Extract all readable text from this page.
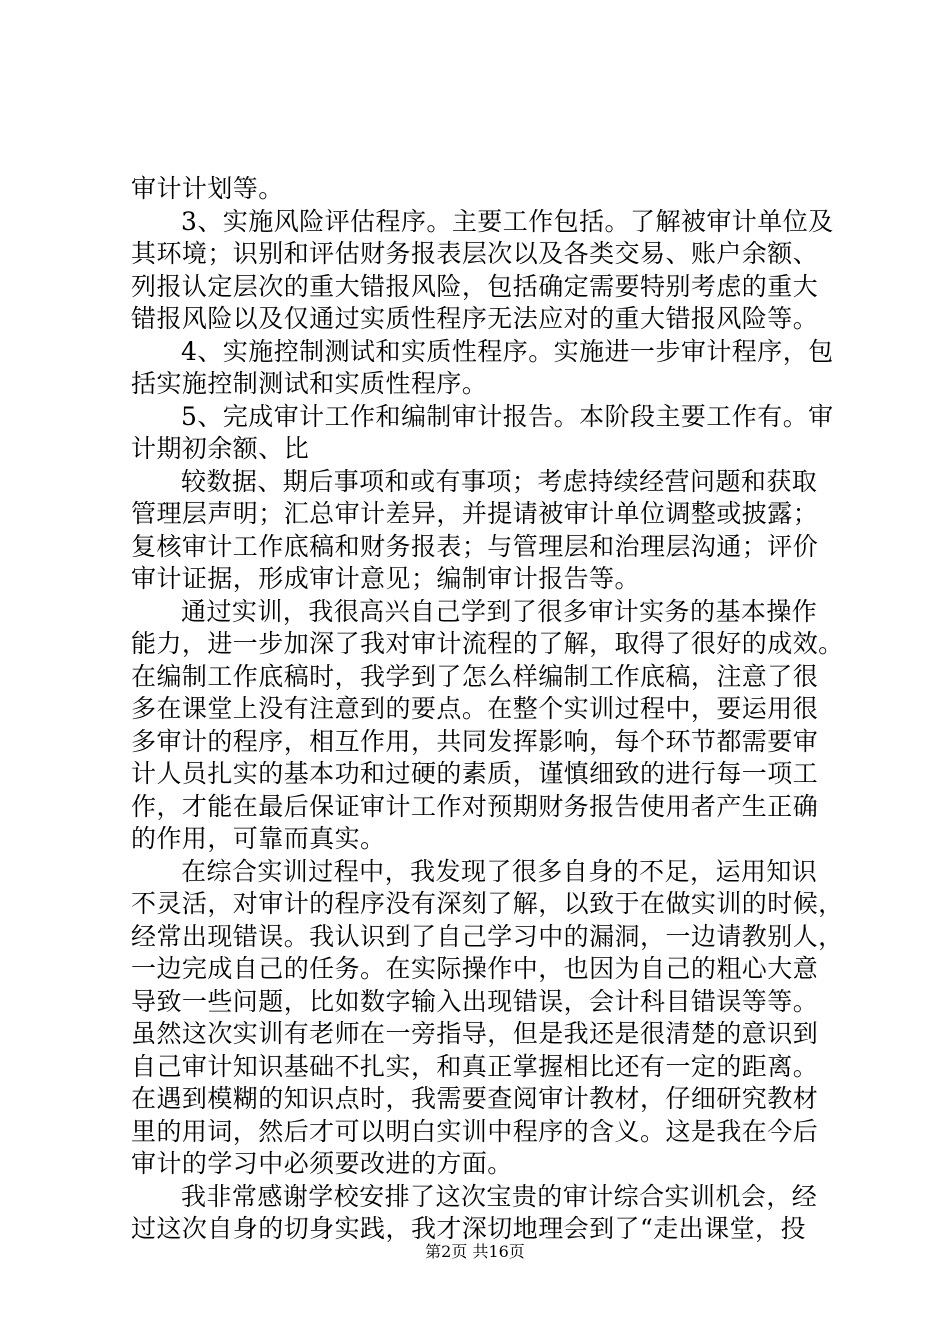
审计计划等。
3、实施风险评估程序。主要工作包括。了解被审计单位及
其环境；识别和评估财务报表层次以及各类交易、账户余额、
列报认定层次的重大错报风险，包括确定需要特别考虑的重大
错报风险以及仅通过实质性程序无法应对的重大错报风险等。
4、实施控制测试和实质性程序。实施进一步审计程序，包
括实施控制测试和实质性程序。
5、完成审计工作和编制审计报告。本阶段主要工作有。审
计期初余额、比
较数据、期后事项和或有事项；考虑持续经营问题和获取
管理层声明；汇总审计差异，并提请被审计单位调整或披露；
复核审计工作底稿和财务报表；与管理层和治理层沟通；评价
审计证据，形成审计意见；编制审计报告等。
通过实训，我很高兴自己学到了很多审计实务的基本操作
能力，进一步加深了我对审计流程的了解，取得了很好的成效。
在编制工作底稿时，我学到了怎么样编制工作底稿，注意了很
多在课堂上没有注意到的要点。在整个实训过程中，要运用很
多审计的程序，相互作用，共同发挥影响，每个环节都需要审
计人员扎实的基本功和过硬的素质，谨慎细致的进行每一项工
作，才能在最后保证审计工作对预期财务报告使用者产生正确
的作用，可靠而真实。
在综合实训过程中，我发现了很多自身的不足，运用知识
不灵活，对审计的程序没有深刻了解，以致于在做实训的时候，
经常出现错误。我认识到了自己学习中的漏洞，一边请教别人，
一边完成自己的任务。在实际操作中，也因为自己的粗心大意
导致一些问题，比如数字输入出现错误，会计科目错误等等。
虽然这次实训有老师在一旁指导，但是我还是很清楚的意识到
自己审计知识基础不扎实，和真正掌握相比还有一定的距离。
在遇到模糊的知识点时，我需要查阅审计教材，仔细研究教材
里的用词，然后才可以明白实训中程序的含义。这是我在今后
审计的学习中必须要改进的方面。
我非常感谢学校安排了这次宝贵的审计综合实训机会，经
过这次自身的切身实践，我才深切地理会到了“走出课堂，投
第2页 共16页
